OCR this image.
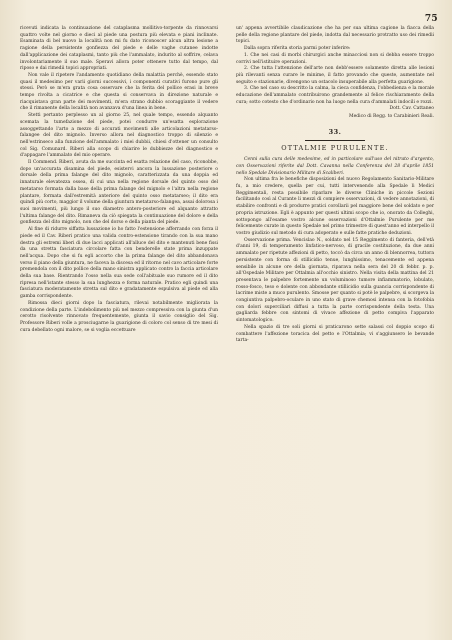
75

ricevuti indicata la continuazione del cataplasma mollitivo-torpente da rinnovarsi quattro volte nel giorno e dieci al piede una postura più elevata e piani inclinate. Esaminata di bel nuovo la località non mi fu dato riconoscer alcun altra lesione a ragione della persistente gonfiezza del piede e delle vaghe cutanee indotte dall'applicazione dei cataplasmi, tanto più che l'ammalato, indurito al soffrire, celava involontariamente il suo male. Speravi allora poter ottenere tutto dal tempo, dal riposo e dai rimedii topici appropriati.

Non vale il ripetere l'andamento quotidiano della malattia perchè, essendo stato quasi il medesimo per varii giorni successivi, i componenti curativi furono pure gli stessi. Però se m'era grata cosa osservare che la ferita del pollice erasi in breve tempo rivolta a cicatrice e che questa si conservava in direzione naturale e riacquistava gran parte dei movimenti, m'era strano dubbio scoraggiante il vedere che il rimanente della località non avanzava d'una linea in bene.

Stetti pertanto perplesso un al giorno 25, nel quale tempo, essendo alquanto scemata la tumefazione del piede, potei condurre un'esatta esplorazione assoggettando l'arto a mezzo di accurati movimenti alle articolazioni metatarso-falangee del dito mignolo. Inverso allora nel diagnostico troppo di silenzio e nell'estrinseco alla funzione dell'ammalato i miei dubbii, chiesi d'ottener un consulto col Sig. Comunard. Riberi alla scopo di chiarire le dubbiezze del diagnostico e d'appagare l'ammalato del mio operare.

Il Commend. Riberi, avuta da me succinta ed esatta relazione del caso, riconobbe, dopo un'accurata disamina del piede, esistervi ancora la lussazione posteriore o dorsale della prima falange del dito mignolo, caratterizzata da una doppia ed innaturale elevatezza ossea, di cui una nella regione dorsale del quinto osso del metatarso formata dalla base della prima falange del mignolo e l'altra nella regione plantare, formata dall'estremità anteriore del quinto osso metatarseo; il dito era quindi più corto, maggior il volume della giuntura metatarso-falangea, assai dolorosa i suoi movimenti, più lungo il suo diametro antero-posteriore ed alquanto attratto l'ultima falange del dito. Rimaneva da ciò spiegata la continuazione del dolore e della gonfiezza del dito mignolo, non che del dorso e della pianta del piede.

Al fine di ridurre siffatta lussazione io ho fatto l'estensione afferrando con forza il piede ed il Cav. Riberi pratico una valida contro-estensione tirando con la sua mano destra gli estremi liberi di due lacci applicati all'alluce del dito e mantenuti bene fissi da una stretta fasciatura circolare fatta con benderelle state prima inzuppate nell'acqua. Dopo che si fu egli accorto che la prima falange del dito abbandonava verso il piano della giuntura, ne faceva la discesa ed il ritorno nel cavo articolare forte premendola con il dito pollice della mano sinistra applicato contro la faccia articolare della sua base. Rientrando l'osso nella sua sede coll'abituale suo rumore ed il dito ripresa nell'istante stesso la sua lunghezza e forma naturale. Pratico egli quindi una fasciatura moderatamente stretta sul dito e gradatamente espulsiva al piede ed alla gamba corrispondente.

Rimossa dieci giorni dopo la fasciatura, rilevai notabilmente migliorata la condizione della parte. L'indebolimento più nel mezzo compressiva con la giunta d'un cerotto risolvente rinnovato frequentemente, giunta il savio consiglio del Sig. Professore Riberi volle a prosciugarne la guarigione di coloro col senso di tre mesi di cura debellato ogni malore, se si voglia eccettuare

un' appena avvertibile claudicazione che ha per sua ultima cagione la fiacca della pelle della regione plantare del piede, indotta dal necessario protratto uso dei rimedii topici.

Dalla sopra riferita storia parmi poter inferire:

1. Che nei casi di morbi chirurgici anche minacciosi non si debba essere troppo corrivi nell'istituire operazioni.

2. Che tutta l'attenzione dell'arte non debb'essere solamente diretta alle lesioni più rilevanti senza curare le minime, il fatto provando che queste, aumentate nel seguito e stazionarie, divengono un ostacolo insuperabile alla perfetta guarigione.

3. Che nel caso su descritto la calma, la cieca confidenza, l'obbedienza e la morale educazione dell'ammalato contribuirono grandemente al felice rischiaramento della cura; sotto cotesto che d'ordinario non ha luogo nella cura d'ammalati indocili e rozzi.

Dott. Cav. Cattaneo

Medico di Regg. to Carabinieri Reali.

33.
OTTALMIE PURULENTE.

Cenni sulla cura delle medesime, ed in particolare sull'uso del nitrato d'argento, con Osservazioni riferite dal Dott. Cavanna nella Conferenza del 28 d'aprile 1851 nello Spedale Divisionario Militare di Scaliberi.

Non ultima fra le benefiche disposizioni del nuovo Regolamento Sanitario-Militare fu, a mio credere, quella per cui, tutti intervenendo alla Spedale li Medici Reggimentali, resta possibile riparlare le diverse Cliniche in piccole Sezioni facilitando così al Curante li mezzi di compiere osservazioni, di vedere annotazioni, di stabilire confronti e di produrre pratici corollarii pel maggiore bene del soldato e per propria istruzione. Egli è appunto per questi ultimi scopo che io, onorato da Colleghi, sottopongo all'esame vostro alcune osservazioni d'Ottalmie Purulente per me felicemente curate in questo Spedale nel primo trimestre di quest'anno ed interpello il vostro giudizio sul metodo di cura adoperato e sulle fatte pratiche deduzioni.

Osservazione prima. Vencislao N., soldato nel 15 Reggimento di fanteria, dell'età d'anni 19, di temperamento linfatico-nervoso, di gracile costituzione, da due anni ammalato per ripetute affezioni di petto, toccò da circa un anno di blennorrea, tuttora persistente con forma di stillicidio tenue, lunghissimo, tenacemente ed appena sensibile in alcune ore della giornata, riparava nella sera del 20 di febbr. p. p. all'Ospedale Militare per Ottalmia all'occhio sinistro. Nella visita della mattina del 21 presentava le palpebre fortemente un voluminoso tumore infiammatorio, lobulato, rosso-fosco, teso e dolente con abbondante stillicidio sulla guancia corrispondente di lacrime miste a muco purulento. Smosse per quanto si potè le palpebre, si scorgeva la congiuntiva palpebro-oculare in uno stato di grave chemosi intensa con la fotofobia con dolori superciliari diffusi a tutta la parte corrispondente della testa. Una gagliarda febbre con sintomi di vivace affezione di petto compiva l'apparato sintomatologico.

Nella spazio di tre soli giorni si praticarono sette salassi col doppio scopo di combattere l'affezione toracica del petto e l'Ottalmia; vi s'aggiunsero le bevande tarta-
